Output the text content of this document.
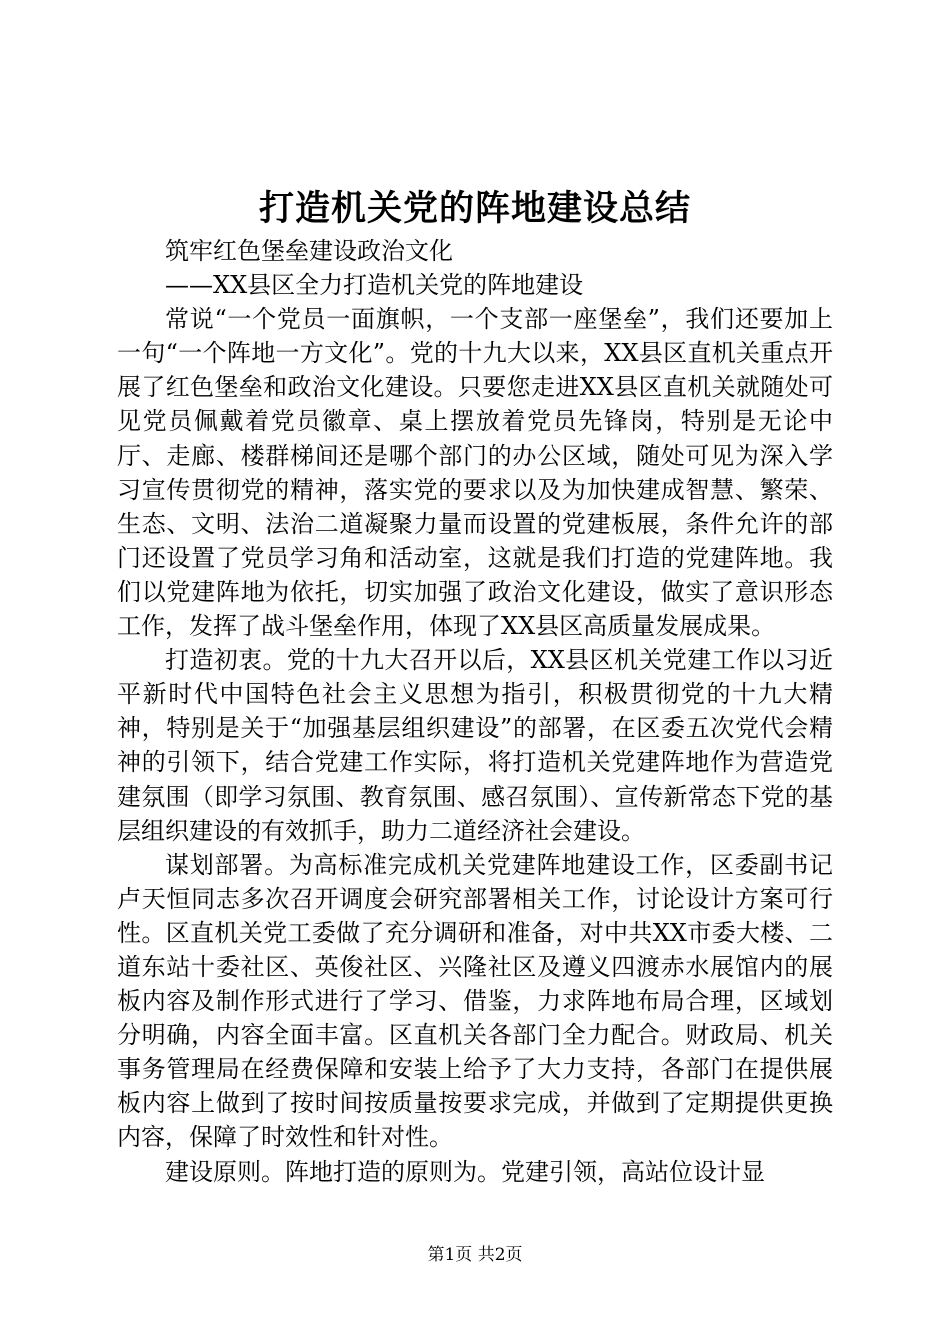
打造机关党的阵地建设总结

筑牢红色堡垒建设政治文化

——XX县区全力打造机关党的阵地建设

常说“一个党员一面旗帜，一个支部一座堡垒”，我们还要加上一句“一个阵地一方文化”。党的十九大以来，XX县区直机关重点开展了红色堡垒和政治文化建设。只要您走进XX县区直机关就随处可见党员佩戴着党员徽章、桌上摆放着党员先锋岗，特别是无论中厅、走廊、楼群梯间还是哪个部门的办公区域，随处可见为深入学习宣传贯彻党的精神，落实党的要求以及为加快建成智慧、繁荣、生态、文明、法治二道凝聚力量而设置的党建板展，条件允许的部门还设置了党员学习角和活动室，这就是我们打造的党建阵地。我们以党建阵地为依托，切实加强了政治文化建设，做实了意识形态工作，发挥了战斗堡垒作用，体现了XX县区高质量发展成果。

打造初衷。党的十九大召开以后，XX县区机关党建工作以习近平新时代中国特色社会主义思想为指引，积极贯彻党的十九大精神，特别是关于“加强基层组织建设”的部署，在区委五次党代会精神的引领下，结合党建工作实际，将打造机关党建阵地作为营造党建氛围（即学习氛围、教育氛围、感召氛围）、宣传新常态下党的基层组织建设的有效抓手，助力二道经济社会建设。

谋划部署。为高标准完成机关党建阵地建设工作，区委副书记卢天恒同志多次召开调度会研究部署相关工作，讨论设计方案可行性。区直机关党工委做了充分调研和准备，对中共XX市委大楼、二道东站十委社区、英俊社区、兴隆社区及遵义四渡赤水展馆内的展板内容及制作形式进行了学习、借鉴，力求阵地布局合理，区域划分明确，内容全面丰富。区直机关各部门全力配合。财政局、机关事务管理局在经费保障和安装上给予了大力支持，各部门在提供展板内容上做到了按时间按质量按要求完成，并做到了定期提供更换内容，保障了时效性和针对性。

建设原则。阵地打造的原则为。党建引领，高站位设计显

第1页 共2页
